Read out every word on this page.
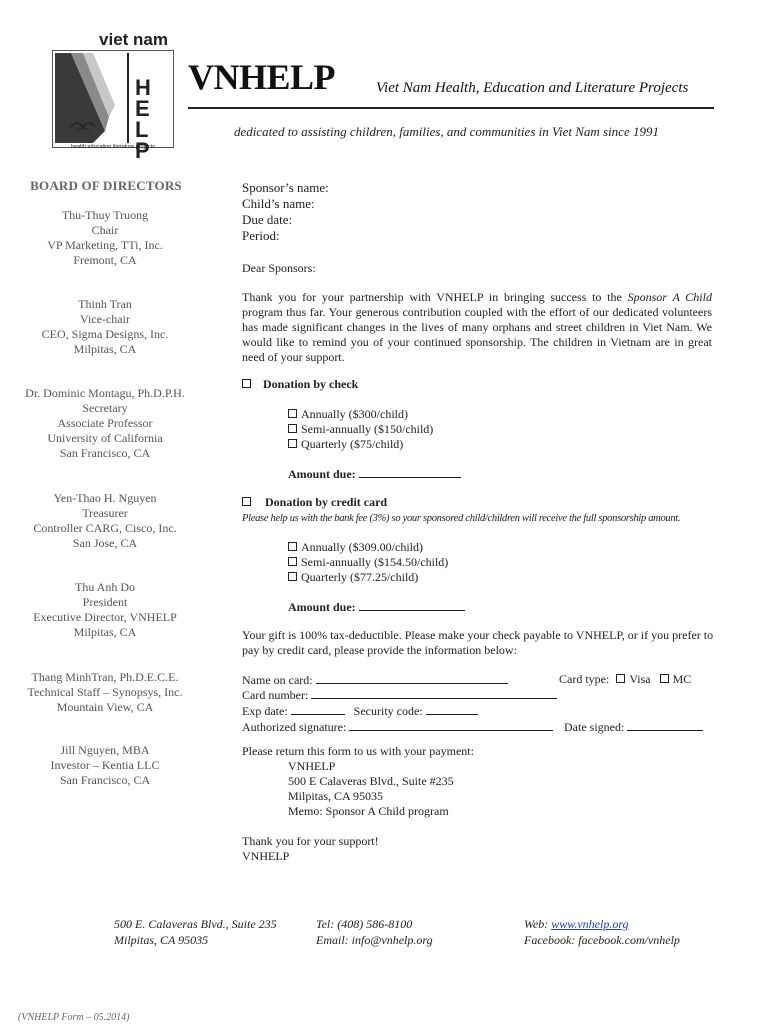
viet nam
H
E
L
P
health education literature projects
VNHELP	Viet Nam Health, Education and Literature Projects
dedicated to assisting children, families, and communities in Viet Nam since 1991
BOARD OF DIRECTORS
Thu-Thuy Truong
Chair
VP Marketing, TTi, Inc.
Fremont, CA
Thinh Tran
Vice-chair
CEO, Sigma Designs, Inc.
Milpitas, CA
Dr. Dominic Montagu, Ph.D.P.H.
Secretary
Associate Professor
University of California
San Francisco, CA
Yen-Thao H. Nguyen
Treasurer
Controller CARG, Cisco, Inc.
San Jose, CA
Thu Anh Do
President
Executive Director, VNHELP
Milpitas, CA
Thang MinhTran, Ph.D.E.C.E.
Technical Staff – Synopsys, Inc.
Mountain View, CA
Jill Nguyen, MBA
Investor – Kentia LLC
San Francisco, CA
Sponsor’s name:
Child’s name:
Due date:
Period:
Dear Sponsors:
Thank you for your partnership with VNHELP in bringing success to the Sponsor A Child program thus far. Your generous contribution coupled with the effort of our dedicated volunteers has made significant changes in the lives of many orphans and street children in Viet Nam. We would like to remind you of your continued sponsorship. The children in Vietnam are in great need of your support.
Donation by check
Annually ($300/child)
Semi-annually ($150/child)
Quarterly ($75/child)
Amount due:
Donation by credit card
Please help us with the bank fee (3%) so your sponsored child/children will receive the full sponsorship amount.
Annually ($309.00/child)
Semi-annually ($154.50/child)
Quarterly ($77.25/child)
Amount due:
Your gift is 100% tax-deductible. Please make your check payable to VNHELP, or if you prefer to pay by credit card, please provide the information below:
Name on card:	Card type: Visa MC
Card number:
Exp date:	Security code:
Authorized signature:	Date signed:
Please return this form to us with your payment:
VNHELP
500 E Calaveras Blvd., Suite #235
Milpitas, CA 95035
Memo: Sponsor A Child program
Thank you for your support!
VNHELP
500 E. Calaveras Blvd., Suite 235
Milpitas, CA 95035
Tel: (408) 586-8100
Email: info@vnhelp.org
Web: www.vnhelp.org
Facebook: facebook.com/vnhelp
(VNHELP Form – 05.2014)
